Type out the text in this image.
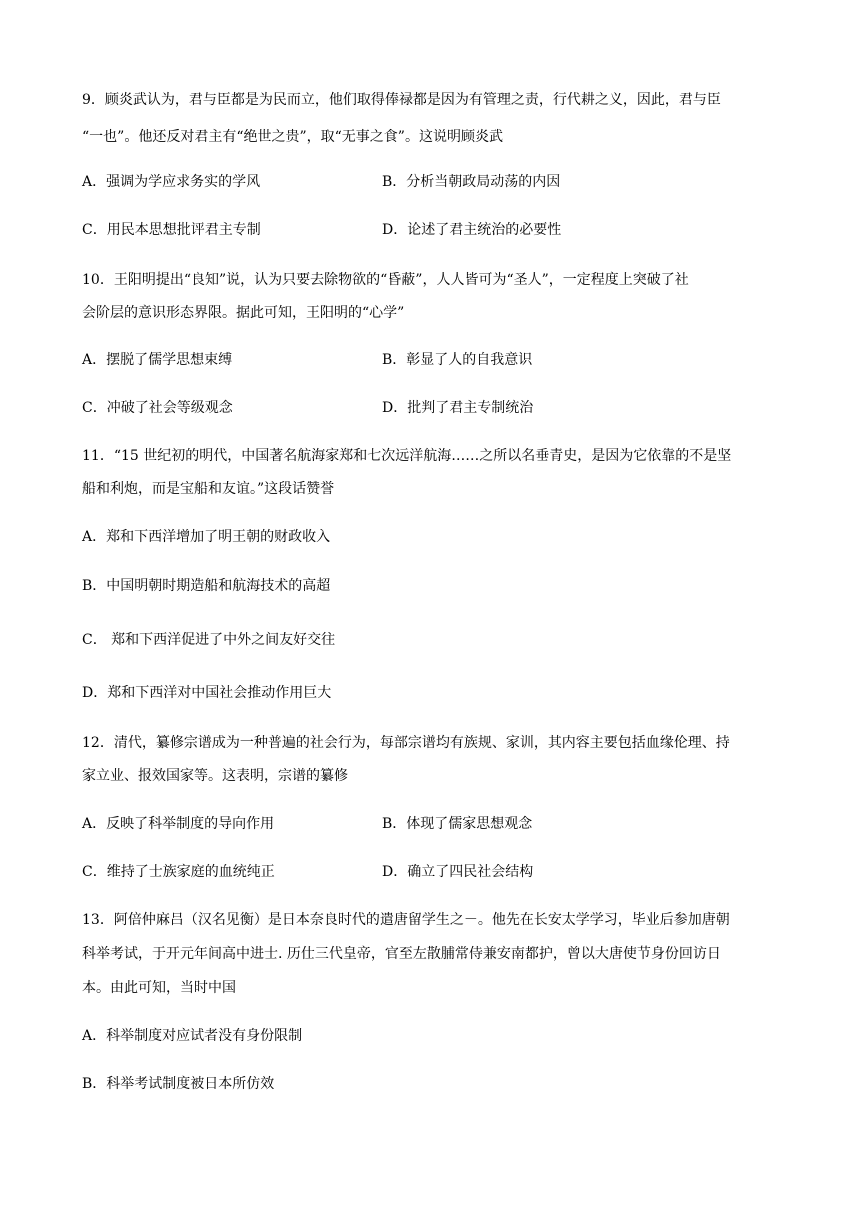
9．顾炎武认为，君与臣都是为民而立，他们取得俸禄都是因为有管理之责，行代耕之义，因此，君与臣
“一也”。他还反对君主有“绝世之贵”，取“无事之食”。这说明顾炎武
A．强调为学应求务实的学风	B．分析当朝政局动荡的内因
C．用民本思想批评君主专制	D．论述了君主统治的必要性
10．王阳明提出“良知”说，认为只要去除物欲的“昏蔽”，人人皆可为“圣人”，一定程度上突破了社
会阶层的意识形态界限。据此可知，王阳明的“心学”
A．摆脱了儒学思想束缚	B．彰显了人的自我意识
C．冲破了社会等级观念	D．批判了君主专制统治
11．“15 世纪初的明代，中国著名航海家郑和七次远洋航海……之所以名垂青史，是因为它依靠的不是坚
船和利炮，而是宝船和友谊。”这段话赞誉
A．郑和下西洋增加了明王朝的财政收入
B．中国明朝时期造船和航海技术的高超
C． 郑和下西洋促进了中外之间友好交往
D．郑和下西洋对中国社会推动作用巨大
12．清代，纂修宗谱成为一种普遍的社会行为，每部宗谱均有族规、家训，其内容主要包括血缘伦理、持
家立业、报效国家等。这表明，宗谱的纂修
A．反映了科举制度的导向作用	B．体现了儒家思想观念
C．维持了士族家庭的血统纯正	D．确立了四民社会结构
13．阿倍仲麻吕（汉名见衡）是日本奈良时代的遣唐留学生之－。他先在长安太学学习，毕业后参加唐朝
科举考试，于开元年间高中进士. 历仕三代皇帝，官至左散脯常侍兼安南都护，曾以大唐使节身份回访日
本。由此可知，当时中国
A．科举制度对应试者没有身份限制
B．科举考试制度被日本所仿效
